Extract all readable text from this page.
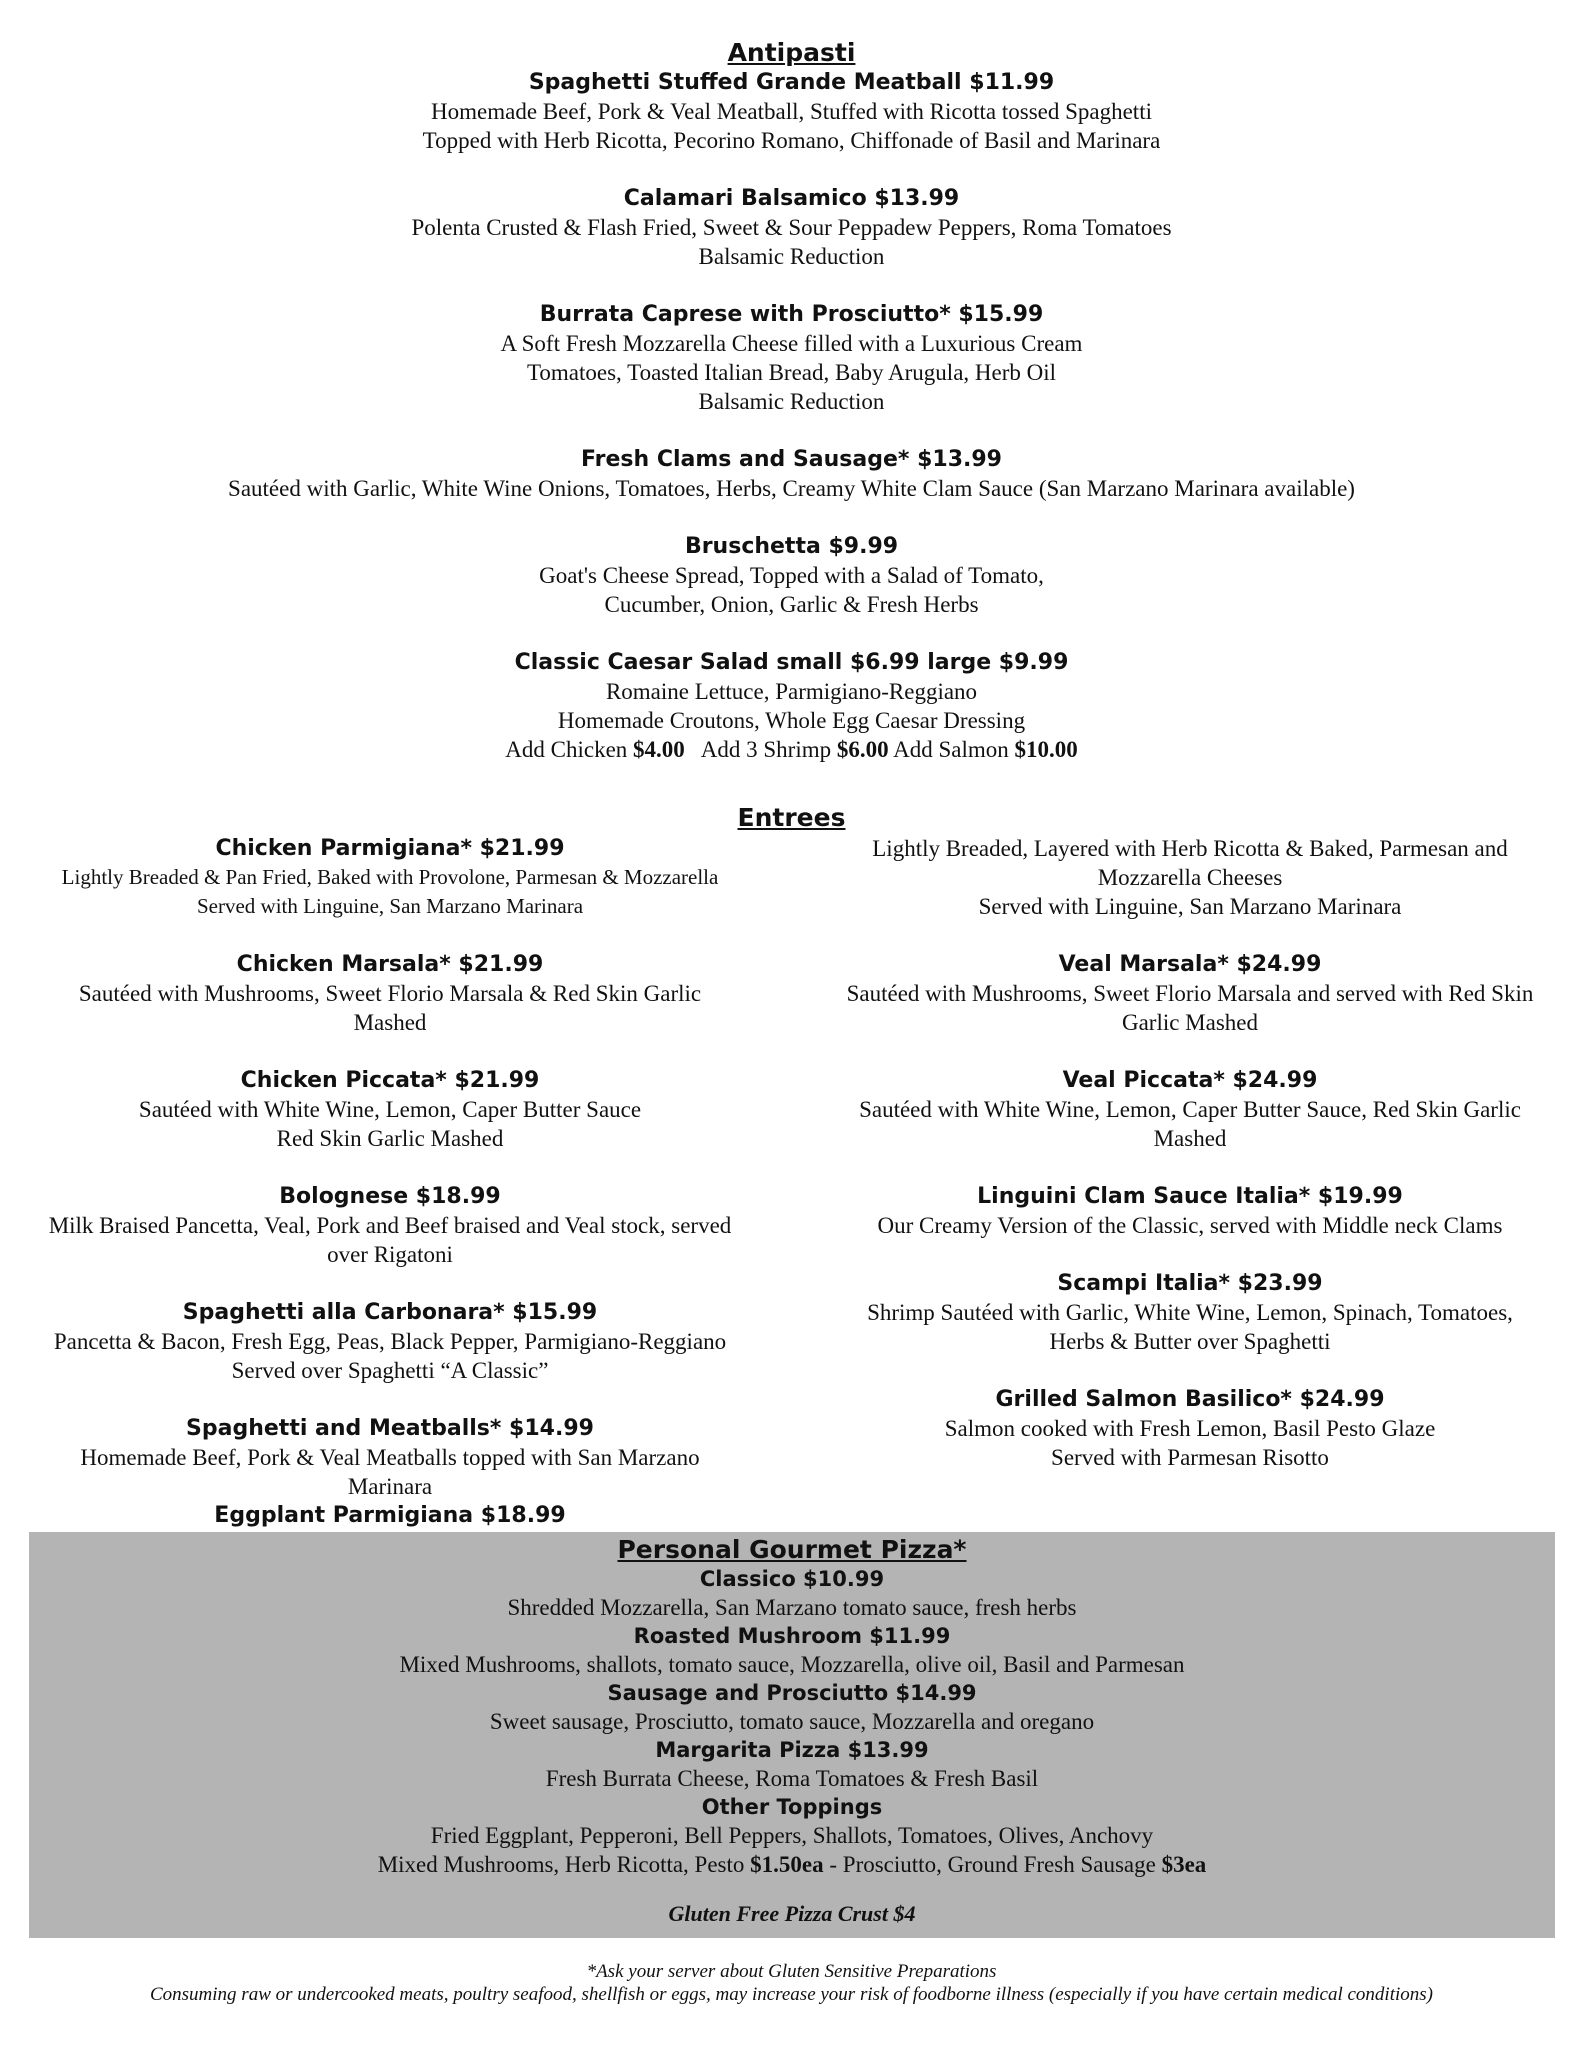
Antipasti

Spaghetti Stuffed Grande Meatball $11.99

Homemade Beef, Pork & Veal Meatball, Stuffed with Ricotta tossed Spaghetti

Topped with Herb Ricotta, Pecorino Romano, Chiffonade of Basil and Marinara

Calamari Balsamico $13.99

Polenta Crusted & Flash Fried, Sweet & Sour Peppadew Peppers, Roma Tomatoes

Balsamic Reduction

Burrata Caprese with Prosciutto* $15.99

A Soft Fresh Mozzarella Cheese filled with a Luxurious Cream

Tomatoes, Toasted Italian Bread, Baby Arugula, Herb Oil

Balsamic Reduction

Fresh Clams and Sausage* $13.99

Sautéed with Garlic, White Wine Onions, Tomatoes, Herbs, Creamy White Clam Sauce (San Marzano Marinara available)

Bruschetta $9.99

Goat's Cheese Spread, Topped with a Salad of Tomato,

Cucumber, Onion, Garlic & Fresh Herbs

Classic Caesar Salad small $6.99 large $9.99

Romaine Lettuce, Parmigiano-Reggiano

Homemade Croutons, Whole Egg Caesar Dressing

Add Chicken $4.00 Add 3 Shrimp $6.00 Add Salmon $10.00

Entrees

Chicken Parmigiana* $21.99

Lightly Breaded & Pan Fried, Baked with Provolone, Parmesan & Mozzarella

Served with Linguine, San Marzano Marinara

Chicken Marsala* $21.99

Sautéed with Mushrooms, Sweet Florio Marsala & Red Skin Garlic

Mashed

Chicken Piccata* $21.99

Sautéed with White Wine, Lemon, Caper Butter Sauce

Red Skin Garlic Mashed

Bolognese $18.99

Milk Braised Pancetta, Veal, Pork and Beef braised and Veal stock, served

over Rigatoni

Spaghetti alla Carbonara* $15.99

Pancetta & Bacon, Fresh Egg, Peas, Black Pepper, Parmigiano-Reggiano

Served over Spaghetti “A Classic”

Spaghetti and Meatballs* $14.99

Homemade Beef, Pork & Veal Meatballs topped with San Marzano

Marinara

Eggplant Parmigiana $18.99

Lightly Breaded, Layered with Herb Ricotta & Baked, Parmesan and

Mozzarella Cheeses

Served with Linguine, San Marzano Marinara

Veal Marsala* $24.99

Sautéed with Mushrooms, Sweet Florio Marsala and served with Red Skin

Garlic Mashed

Veal Piccata* $24.99

Sautéed with White Wine, Lemon, Caper Butter Sauce, Red Skin Garlic

Mashed

Linguini Clam Sauce Italia* $19.99

Our Creamy Version of the Classic, served with Middle neck Clams

Scampi Italia* $23.99

Shrimp Sautéed with Garlic, White Wine, Lemon, Spinach, Tomatoes,

Herbs & Butter over Spaghetti

Grilled Salmon Basilico* $24.99

Salmon cooked with Fresh Lemon, Basil Pesto Glaze

Served with Parmesan Risotto

Personal Gourmet Pizza*

Classico $10.99

Shredded Mozzarella, San Marzano tomato sauce, fresh herbs

Roasted Mushroom $11.99

Mixed Mushrooms, shallots, tomato sauce, Mozzarella, olive oil, Basil and Parmesan

Sausage and Prosciutto $14.99

Sweet sausage, Prosciutto, tomato sauce, Mozzarella and oregano

Margarita Pizza $13.99

Fresh Burrata Cheese, Roma Tomatoes & Fresh Basil

Other Toppings

Fried Eggplant, Pepperoni, Bell Peppers, Shallots, Tomatoes, Olives, Anchovy

Mixed Mushrooms, Herb Ricotta, Pesto $1.50ea - Prosciutto, Ground Fresh Sausage $3ea

Gluten Free Pizza Crust $4

*Ask your server about Gluten Sensitive Preparations

Consuming raw or undercooked meats, poultry seafood, shellfish or eggs, may increase your risk of foodborne illness (especially if you have certain medical conditions)
